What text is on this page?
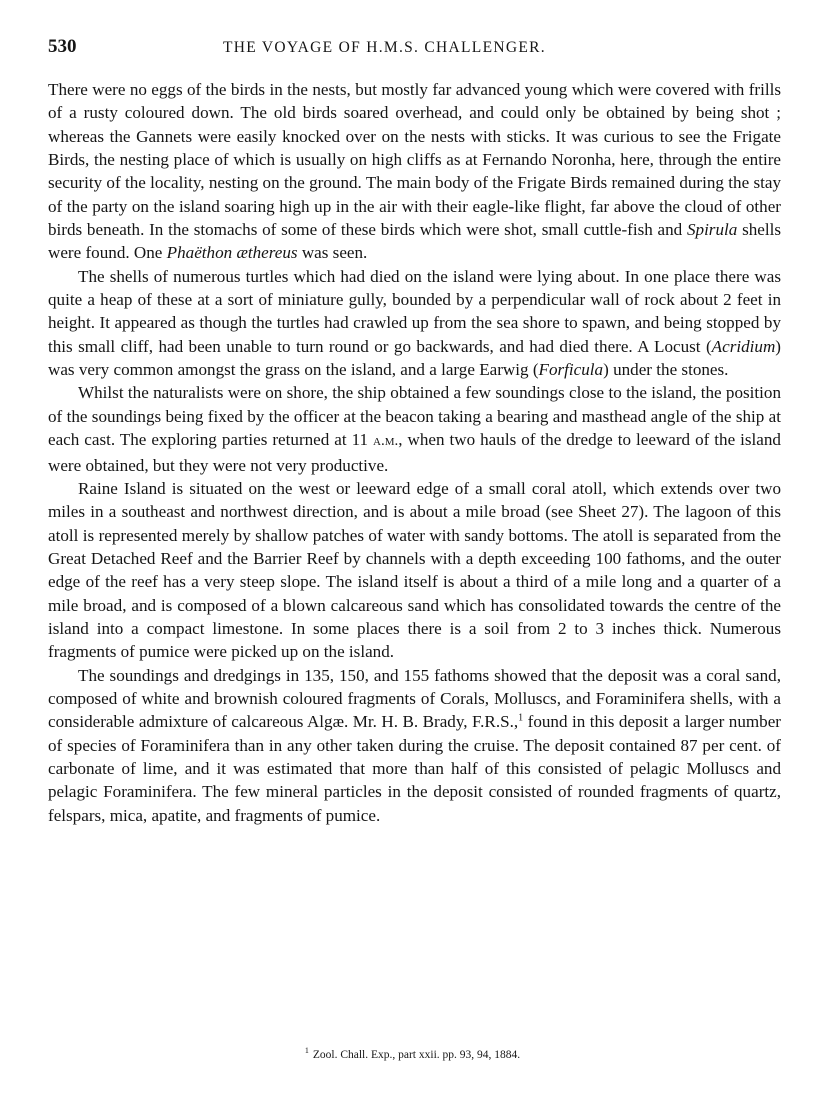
530	THE VOYAGE OF H.M.S. CHALLENGER.

There were no eggs of the birds in the nests, but mostly far advanced young which were covered with frills of a rusty coloured down. The old birds soared overhead, and could only be obtained by being shot ; whereas the Gannets were easily knocked over on the nests with sticks. It was curious to see the Frigate Birds, the nesting place of which is usually on high cliffs as at Fernando Noronha, here, through the entire security of the locality, nesting on the ground. The main body of the Frigate Birds remained during the stay of the party on the island soaring high up in the air with their eagle-like flight, far above the cloud of other birds beneath. In the stomachs of some of these birds which were shot, small cuttle-fish and Spirula shells were found. One Phaëthon æthereus was seen.

The shells of numerous turtles which had died on the island were lying about. In one place there was quite a heap of these at a sort of miniature gully, bounded by a perpendicular wall of rock about 2 feet in height. It appeared as though the turtles had crawled up from the sea shore to spawn, and being stopped by this small cliff, had been unable to turn round or go backwards, and had died there. A Locust (Acridium) was very common amongst the grass on the island, and a large Earwig (Forficula) under the stones.

Whilst the naturalists were on shore, the ship obtained a few soundings close to the island, the position of the soundings being fixed by the officer at the beacon taking a bearing and masthead angle of the ship at each cast. The exploring parties returned at 11 a.m., when two hauls of the dredge to leeward of the island were obtained, but they were not very productive.

Raine Island is situated on the west or leeward edge of a small coral atoll, which extends over two miles in a southeast and northwest direction, and is about a mile broad (see Sheet 27). The lagoon of this atoll is represented merely by shallow patches of water with sandy bottoms. The atoll is separated from the Great Detached Reef and the Barrier Reef by channels with a depth exceeding 100 fathoms, and the outer edge of the reef has a very steep slope. The island itself is about a third of a mile long and a quarter of a mile broad, and is composed of a blown calcareous sand which has consolidated towards the centre of the island into a compact limestone. In some places there is a soil from 2 to 3 inches thick. Numerous fragments of pumice were picked up on the island.

The soundings and dredgings in 135, 150, and 155 fathoms showed that the deposit was a coral sand, composed of white and brownish coloured fragments of Corals, Molluscs, and Foraminifera shells, with a considerable admixture of calcareous Algæ. Mr. H. B. Brady, F.R.S.,$^1$ found in this deposit a larger number of species of Foraminifera than in any other taken during the cruise. The deposit contained 87 per cent. of carbonate of lime, and it was estimated that more than half of this consisted of pelagic Molluscs and pelagic Foraminifera. The few mineral particles in the deposit consisted of rounded fragments of quartz, felspars, mica, apatite, and fragments of pumice.

$^1$ Zool. Chall. Exp., part xxii. pp. 93, 94, 1884.
